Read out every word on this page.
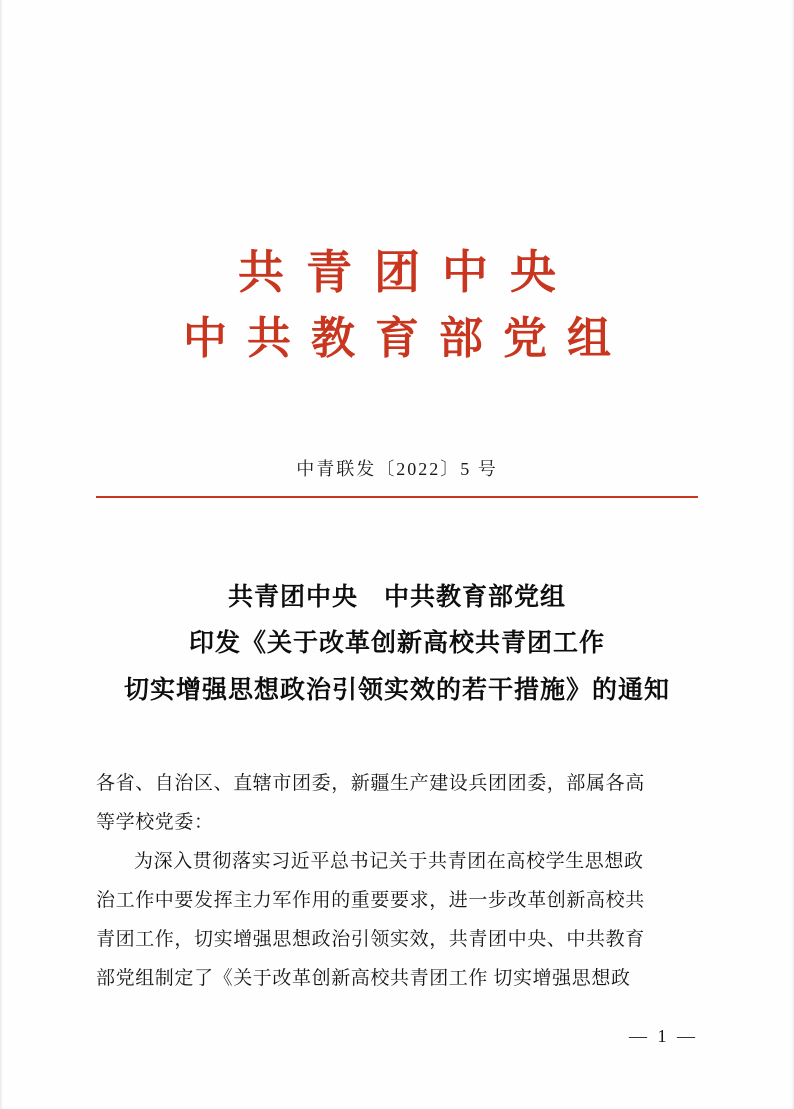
共青团中央
中共教育部党组
中青联发〔2022〕5 号
共青团中央　中共教育部党组
印发《关于改革创新高校共青团工作
切实增强思想政治引领实效的若干措施》的通知

各省、自治区、直辖市团委，新疆生产建设兵团团委，部属各高

等学校党委：

为深入贯彻落实习近平总书记关于共青团在高校学生思想政

治工作中要发挥主力军作用的重要要求，进一步改革创新高校共

青团工作，切实增强思想政治引领实效，共青团中央、中共教育

部党组制定了《关于改革创新高校共青团工作 切实增强思想政

— 1 —
